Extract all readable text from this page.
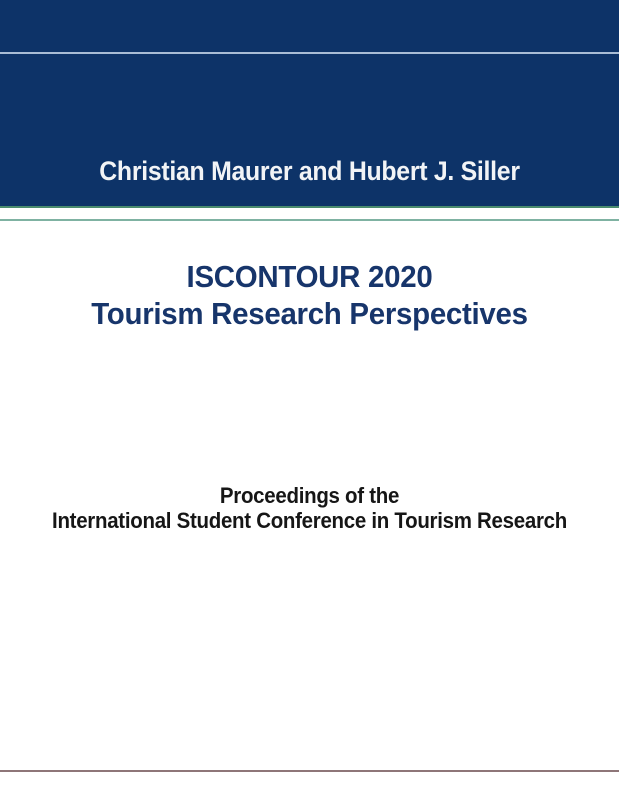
Christian Maurer and Hubert J. Siller
ISCONTOUR 2020
Tourism Research Perspectives
Proceedings of the
International Student Conference in Tourism Research
